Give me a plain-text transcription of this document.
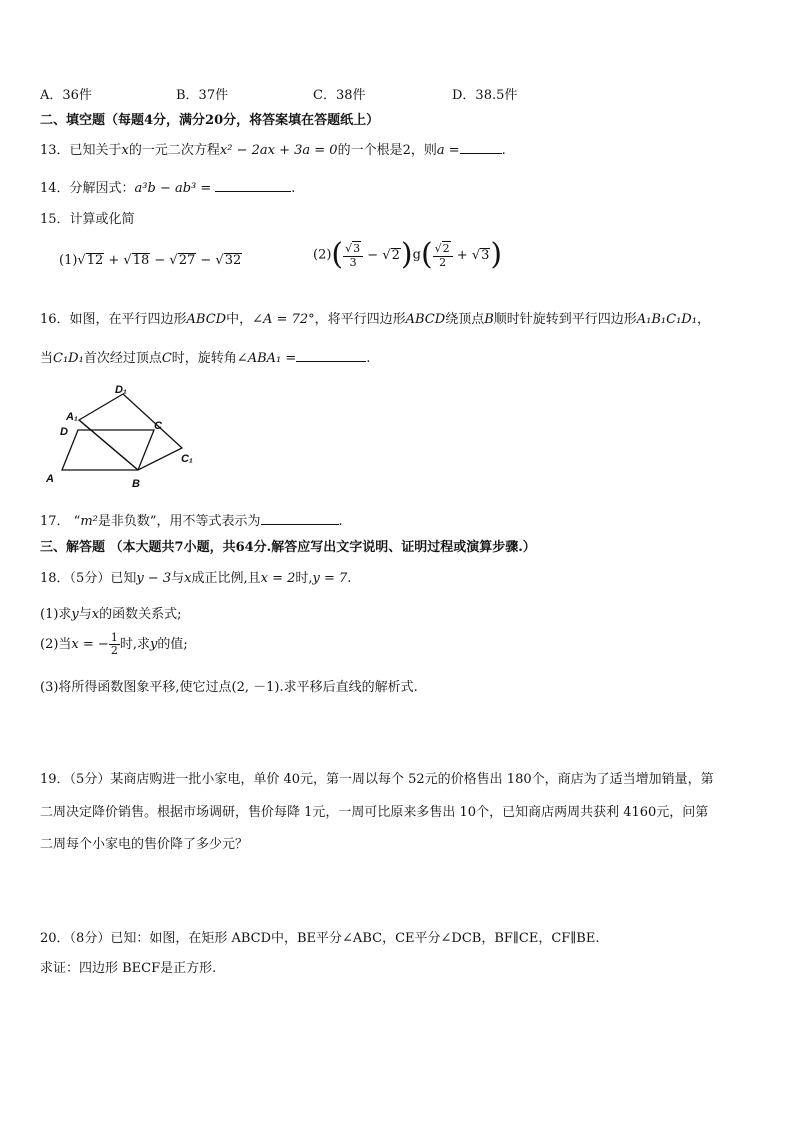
A．36件	B．37件	C．38件	D．38.5件
二、填空题（每题4分，满分20分，将答案填在答题纸上）
13．已知关于x的一元二次方程x² − 2ax + 3a = 0的一个根是2，则a =	.
14．分解因式：a³b − ab³ =	.
15．计算或化简
(1)√12 + √18 − √27 − √32	$(2)( \frac{√3}{3} - √2)g( \frac{√2}{2} + √3)$
16．如图，在平行四边形ABCD中，∠A = 72°，将平行四边形ABCD绕顶点B顺时针旋转到平行四边形A₁B₁C₁D₁，
当C₁D₁首次经过顶点C时，旋转角∠ABA₁ =	.
D₁
A₁
D	C
C₁
A	B
17． “m²是非负数”，用不等式表示为	.
三、解答题 （本大题共7小题，共64分.解答应写出文字说明、证明过程或演算步骤.）
18．（5分）已知y − 3与x成正比例,且x = 2时,y = 7.
(1)求y与x的函数关系式;
(2)当x = − $\frac{1}{2}$ 时,求y的值;
(3)将所得函数图象平移,使它过点(2, －1).求平移后直线的解析式.
19．（5分）某商店购进一批小家电，单价 40元，第一周以每个 52元的价格售出 180个，商店为了适当增加销量，第
二周决定降价销售。根据市场调研，售价每降 1元，一周可比原来多售出 10个，已知商店两周共获利 4160元，问第
二周每个小家电的售价降了多少元？
20．（8分）已知：如图，在矩形 ABCD中，BE平分∠ABC，CE平分∠DCB，BF∥CE，CF∥BE.
求证：四边形 BECF是正方形.
